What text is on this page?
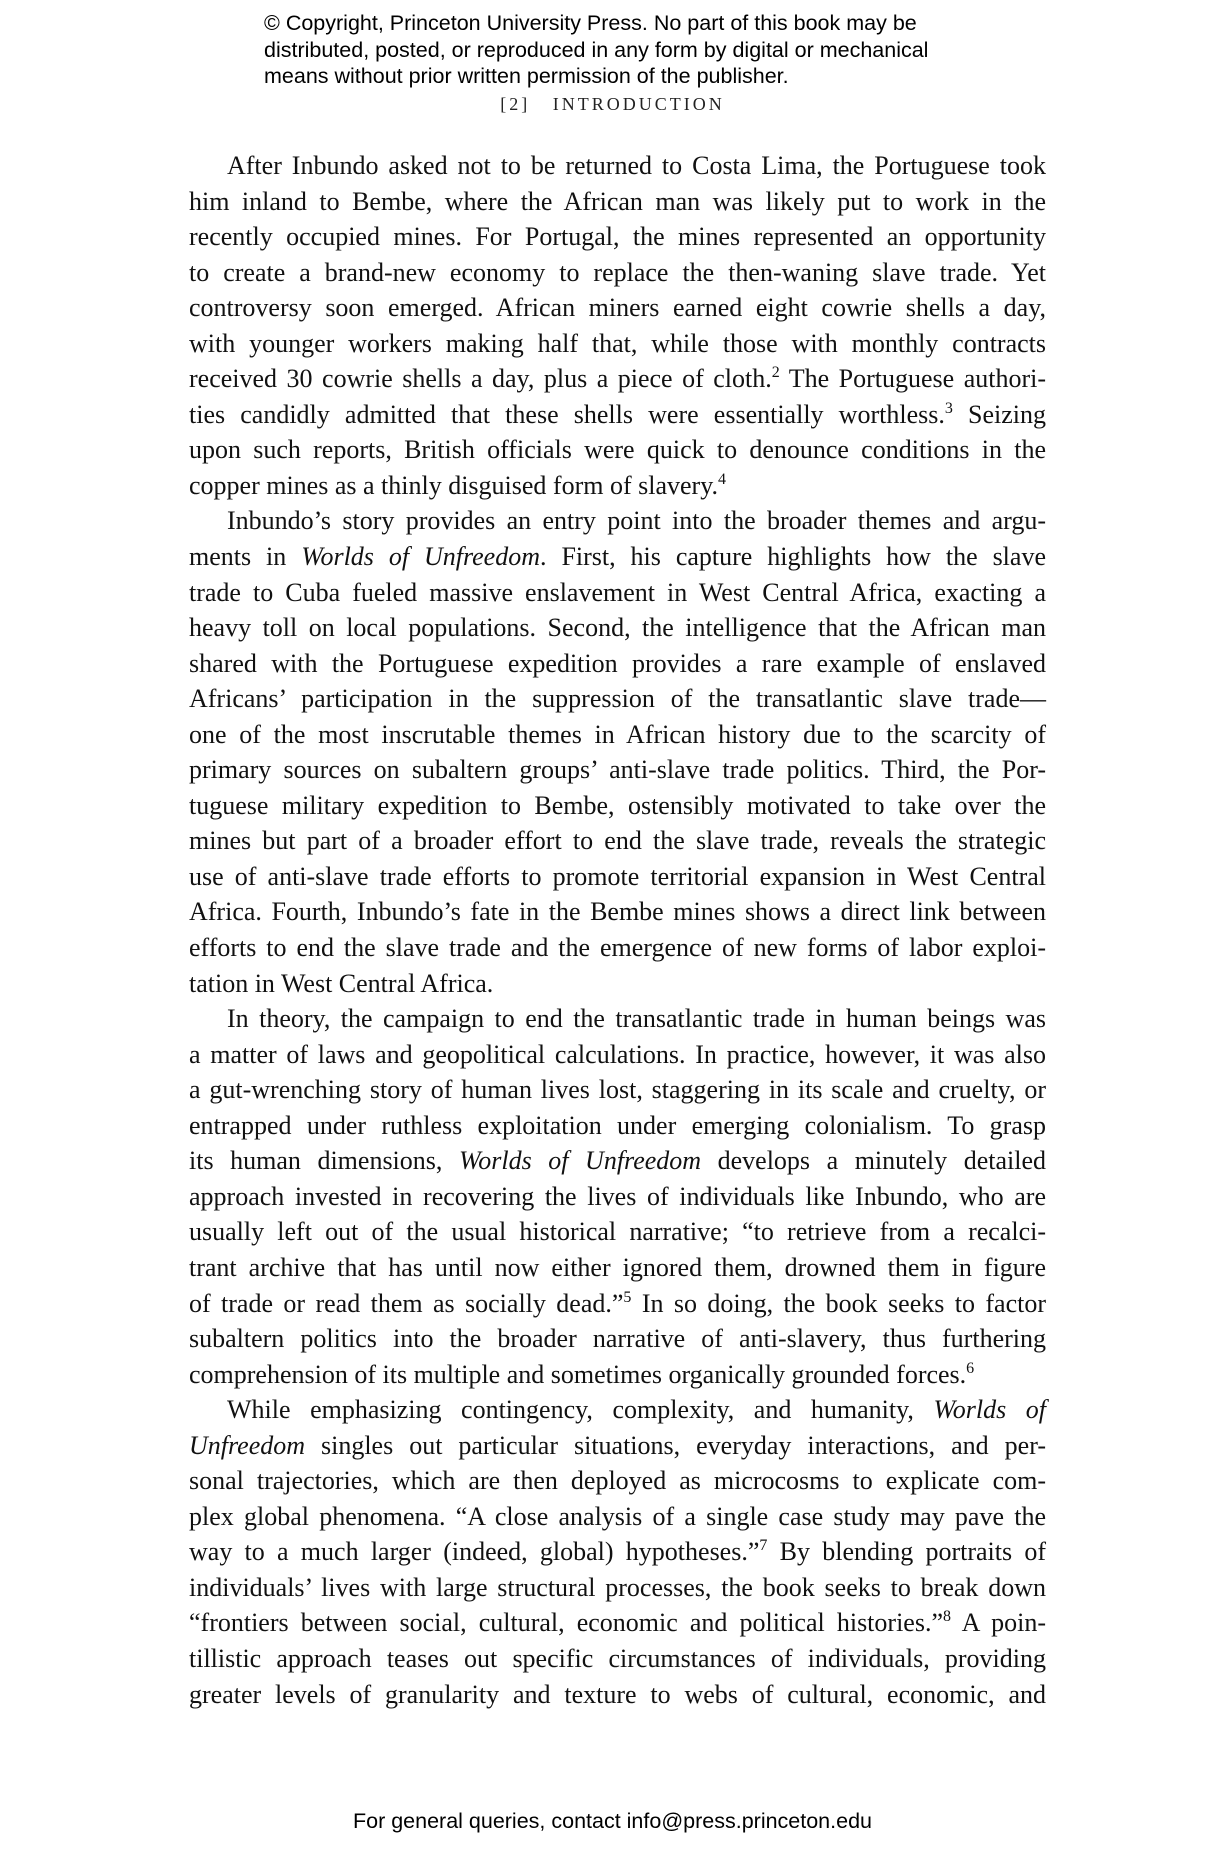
© Copyright, Princeton University Press. No part of this book may be
distributed, posted, or reproduced in any form by digital or mechanical
means without prior written permission of the publisher.
[2] INTRODUCTION
After Inbundo asked not to be returned to Costa Lima, the Portuguese took
him inland to Bembe, where the African man was likely put to work in the
recently occupied mines. For Portugal, the mines represented an opportunity
to create a brand-new economy to replace the then-waning slave trade. Yet
controversy soon emerged. African miners earned eight cowrie shells a day,
with younger workers making half that, while those with monthly contracts
received 30 cowrie shells a day, plus a piece of cloth.$^2$ The Portuguese authori-
ties candidly admitted that these shells were essentially worthless.$^3$ Seizing
upon such reports, British officials were quick to denounce conditions in the
copper mines as a thinly disguised form of slavery.$^4$
Inbundo’s story provides an entry point into the broader themes and argu-
ments in Worlds of Unfreedom. First, his capture highlights how the slave
trade to Cuba fueled massive enslavement in West Central Africa, exacting a
heavy toll on local populations. Second, the intelligence that the African man
shared with the Portuguese expedition provides a rare example of enslaved
Africans’ participation in the suppression of the transatlantic slave trade—
one of the most inscrutable themes in African history due to the scarcity of
primary sources on subaltern groups’ anti-slave trade politics. Third, the Por-
tuguese military expedition to Bembe, ostensibly motivated to take over the
mines but part of a broader effort to end the slave trade, reveals the strategic
use of anti-slave trade efforts to promote territorial expansion in West Central
Africa. Fourth, Inbundo’s fate in the Bembe mines shows a direct link between
efforts to end the slave trade and the emergence of new forms of labor exploi-
tation in West Central Africa.
In theory, the campaign to end the transatlantic trade in human beings was
a matter of laws and geopolitical calculations. In practice, however, it was also
a gut-wrenching story of human lives lost, staggering in its scale and cruelty, or
entrapped under ruthless exploitation under emerging colonialism. To grasp
its human dimensions, Worlds of Unfreedom develops a minutely detailed
approach invested in recovering the lives of individuals like Inbundo, who are
usually left out of the usual historical narrative; “to retrieve from a recalci-
trant archive that has until now either ignored them, drowned them in figure
of trade or read them as socially dead.”$^5$ In so doing, the book seeks to factor
subaltern politics into the broader narrative of anti-slavery, thus furthering
comprehension of its multiple and sometimes organically grounded forces.$^6$
While emphasizing contingency, complexity, and humanity, Worlds of
Unfreedom singles out particular situations, everyday interactions, and per-
sonal trajectories, which are then deployed as microcosms to explicate com-
plex global phenomena. “A close analysis of a single case study may pave the
way to a much larger (indeed, global) hypotheses.”$^7$ By blending portraits of
individuals’ lives with large structural processes, the book seeks to break down
“frontiers between social, cultural, economic and political histories.”$^8$ A poin-
tillistic approach teases out specific circumstances of individuals, providing
greater levels of granularity and texture to webs of cultural, economic, and
For general queries, contact info@press.princeton.edu
